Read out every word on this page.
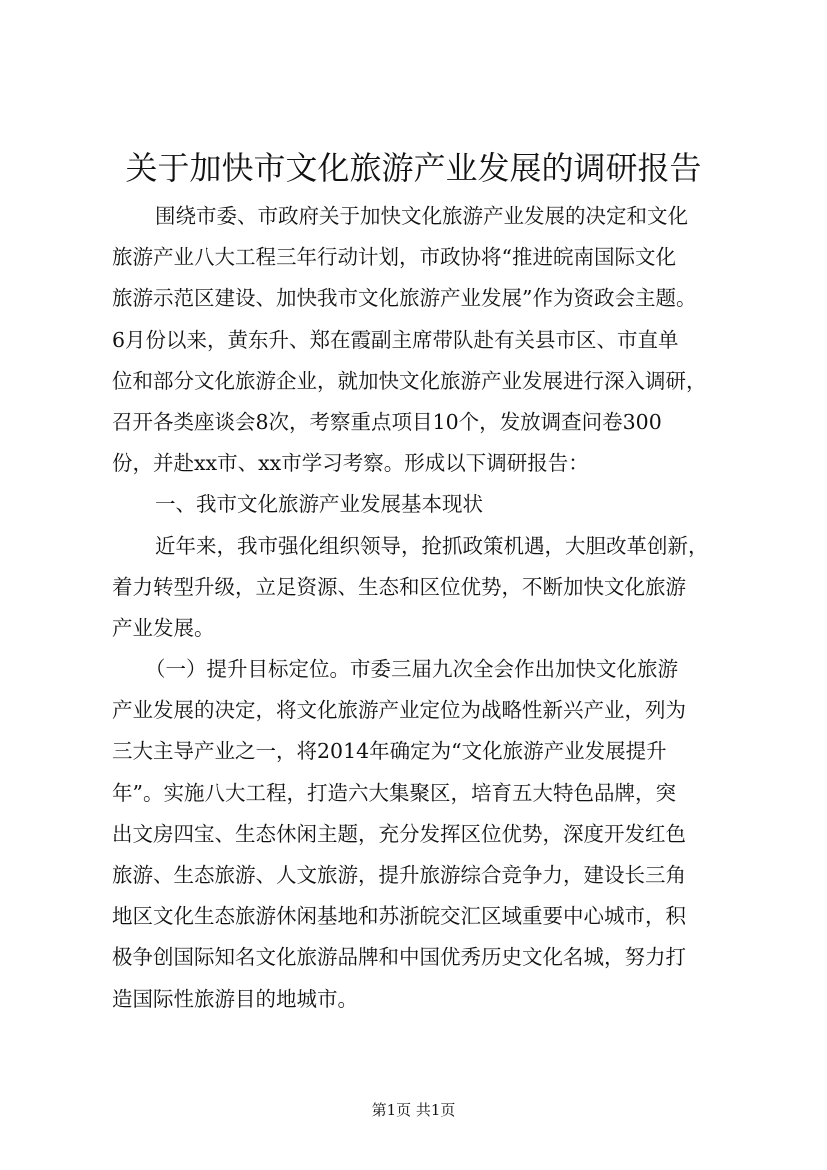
关于加快市文化旅游产业发展的调研报告
围绕市委、市政府关于加快文化旅游产业发展的决定和文化
旅游产业八大工程三年行动计划，市政协将“推进皖南国际文化
旅游示范区建设、加快我市文化旅游产业发展”作为资政会主题。
6月份以来，黄东升、郑在霞副主席带队赴有关县市区、市直单
位和部分文化旅游企业，就加快文化旅游产业发展进行深入调研，
召开各类座谈会8次，考察重点项目10个，发放调查问卷300
份，并赴xx市、xx市学习考察。形成以下调研报告：
一、我市文化旅游产业发展基本现状
近年来，我市强化组织领导，抢抓政策机遇，大胆改革创新，
着力转型升级，立足资源、生态和区位优势，不断加快文化旅游
产业发展。
（一）提升目标定位。市委三届九次全会作出加快文化旅游
产业发展的决定，将文化旅游产业定位为战略性新兴产业，列为
三大主导产业之一，将2014年确定为“文化旅游产业发展提升
年”。实施八大工程，打造六大集聚区，培育五大特色品牌，突
出文房四宝、生态休闲主题，充分发挥区位优势，深度开发红色
旅游、生态旅游、人文旅游，提升旅游综合竞争力，建设长三角
地区文化生态旅游休闲基地和苏浙皖交汇区域重要中心城市，积
极争创国际知名文化旅游品牌和中国优秀历史文化名城，努力打
造国际性旅游目的地城市。
第1页 共1页
